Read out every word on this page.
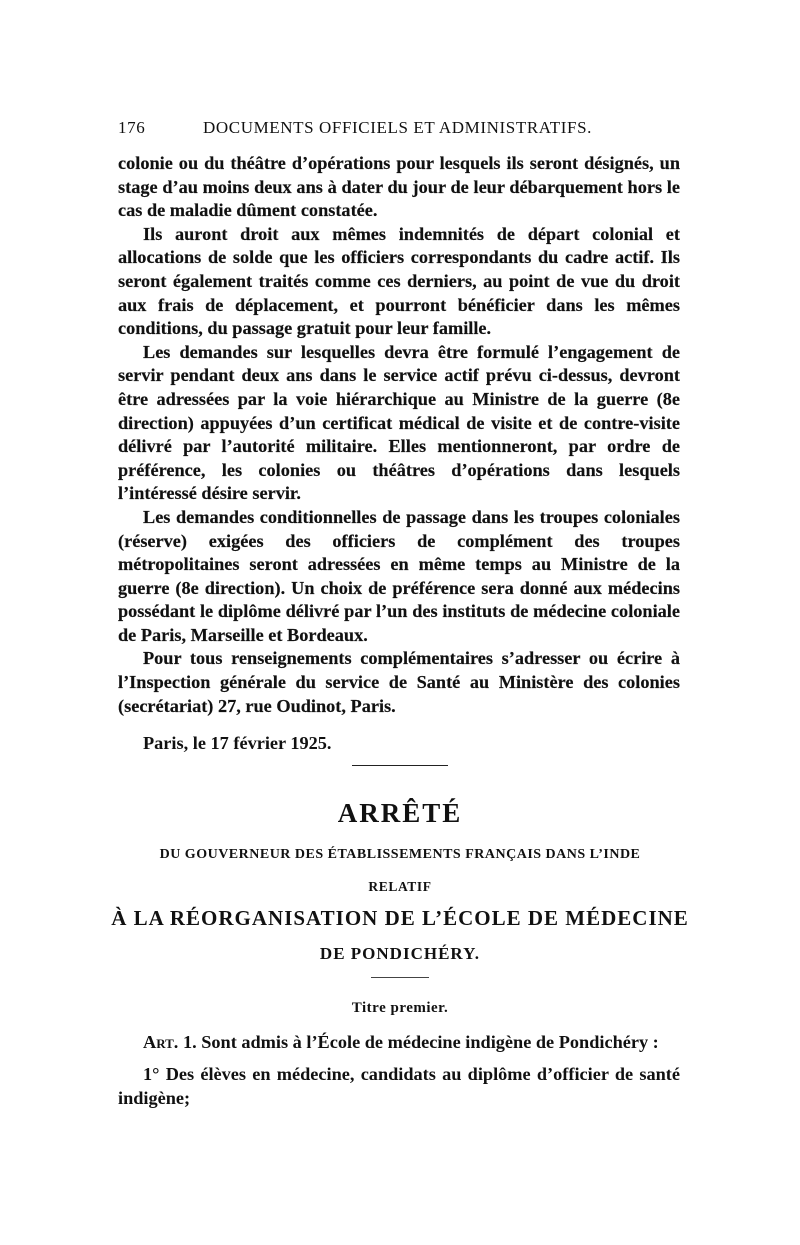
176	DOCUMENTS OFFICIELS ET ADMINISTRATIFS.

colonie ou du théâtre d’opérations pour lesquels ils seront désignés, un stage d’au moins deux ans à dater du jour de leur débarquement hors le cas de maladie dûment constatée.

Ils auront droit aux mêmes indemnités de départ colonial et allocations de solde que les officiers correspondants du cadre actif. Ils seront également traités comme ces derniers, au point de vue du droit aux frais de déplacement, et pourront bénéficier dans les mêmes conditions, du passage gratuit pour leur famille.

Les demandes sur lesquelles devra être formulé l’engagement de servir pendant deux ans dans le service actif prévu ci-dessus, devront être adressées par la voie hiérarchique au Ministre de la guerre (8e direction) appuyées d’un certificat médical de visite et de contre-visite délivré par l’autorité militaire. Elles mentionneront, par ordre de préférence, les colonies ou théâtres d’opérations dans lesquels l’intéressé désire servir.

Les demandes conditionnelles de passage dans les troupes coloniales (réserve) exigées des officiers de complément des troupes métropolitaines seront adressées en même temps au Ministre de la guerre (8e direction). Un choix de préférence sera donné aux médecins possédant le diplôme délivré par l’un des instituts de médecine coloniale de Paris, Marseille et Bordeaux.

Pour tous renseignements complémentaires s’adresser ou écrire à l’Inspection générale du service de Santé au Ministère des colonies (secrétariat) 27, rue Oudinot, Paris.

Paris, le 17 février 1925.
ARRÊTÉ
DU GOUVERNEUR DES ÉTABLISSEMENTS FRANÇAIS DANS L’INDE
RELATIF
À LA RÉORGANISATION DE L’ÉCOLE DE MÉDECINE
DE PONDICHÉRY.
Titre premier.

Art. 1. Sont admis à l’École de médecine indigène de Pondichéry :

1° Des élèves en médecine, candidats au diplôme d’officier de santé indigène;
